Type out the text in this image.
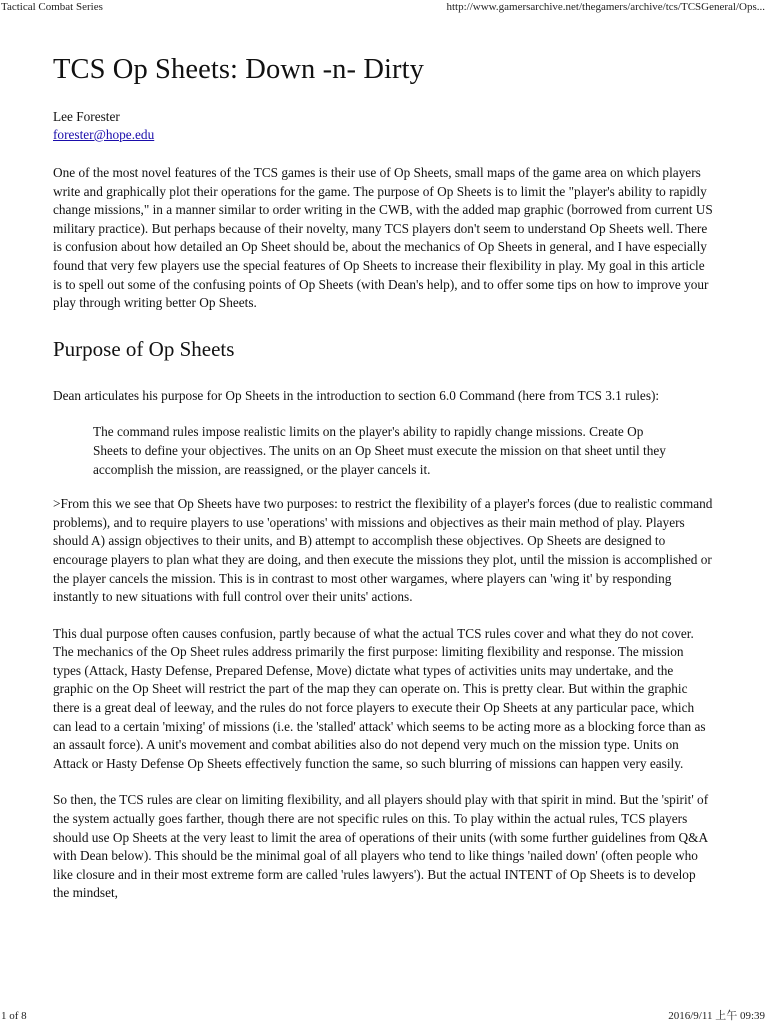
Tactical Combat Series	http://www.gamersarchive.net/thegamers/archive/tcs/TCSGeneral/Ops...
TCS Op Sheets: Down -n- Dirty
Lee Forester
forester@hope.edu

One of the most novel features of the TCS games is their use of Op Sheets, small maps of the game area on which players write and graphically plot their operations for the game. The purpose of Op Sheets is to limit the "player's ability to rapidly change missions," in a manner similar to order writing in the CWB, with the added map graphic (borrowed from current US military practice). But perhaps because of their novelty, many TCS players don't seem to understand Op Sheets well. There is confusion about how detailed an Op Sheet should be, about the mechanics of Op Sheets in general, and I have especially found that very few players use the special features of Op Sheets to increase their flexibility in play. My goal in this article is to spell out some of the confusing points of Op Sheets (with Dean's help), and to offer some tips on how to improve your play through writing better Op Sheets.

Purpose of Op Sheets

Dean articulates his purpose for Op Sheets in the introduction to section 6.0 Command (here from TCS 3.1 rules):

The command rules impose realistic limits on the player's ability to rapidly change missions. Create Op Sheets to define your objectives. The units on an Op Sheet must execute the mission on that sheet until they accomplish the mission, are reassigned, or the player cancels it.

>From this we see that Op Sheets have two purposes: to restrict the flexibility of a player's forces (due to realistic command problems), and to require players to use 'operations' with missions and objectives as their main method of play. Players should A) assign objectives to their units, and B) attempt to accomplish these objectives. Op Sheets are designed to encourage players to plan what they are doing, and then execute the missions they plot, until the mission is accomplished or the player cancels the mission. This is in contrast to most other wargames, where players can 'wing it' by responding instantly to new situations with full control over their units' actions.

This dual purpose often causes confusion, partly because of what the actual TCS rules cover and what they do not cover. The mechanics of the Op Sheet rules address primarily the first purpose: limiting flexibility and response. The mission types (Attack, Hasty Defense, Prepared Defense, Move) dictate what types of activities units may undertake, and the graphic on the Op Sheet will restrict the part of the map they can operate on. This is pretty clear. But within the graphic there is a great deal of leeway, and the rules do not force players to execute their Op Sheets at any particular pace, which can lead to a certain 'mixing' of missions (i.e. the 'stalled' attack' which seems to be acting more as a blocking force than as an assault force). A unit's movement and combat abilities also do not depend very much on the mission type. Units on Attack or Hasty Defense Op Sheets effectively function the same, so such blurring of missions can happen very easily.

So then, the TCS rules are clear on limiting flexibility, and all players should play with that spirit in mind. But the 'spirit' of the system actually goes farther, though there are not specific rules on this. To play within the actual rules, TCS players should use Op Sheets at the very least to limit the area of operations of their units (with some further guidelines from Q&A with Dean below). This should be the minimal goal of all players who tend to like things 'nailed down' (often people who like closure and in their most extreme form are called 'rules lawyers'). But the actual INTENT of Op Sheets is to develop the mindset,

1 of 8	2016/9/11 上午 09:39
